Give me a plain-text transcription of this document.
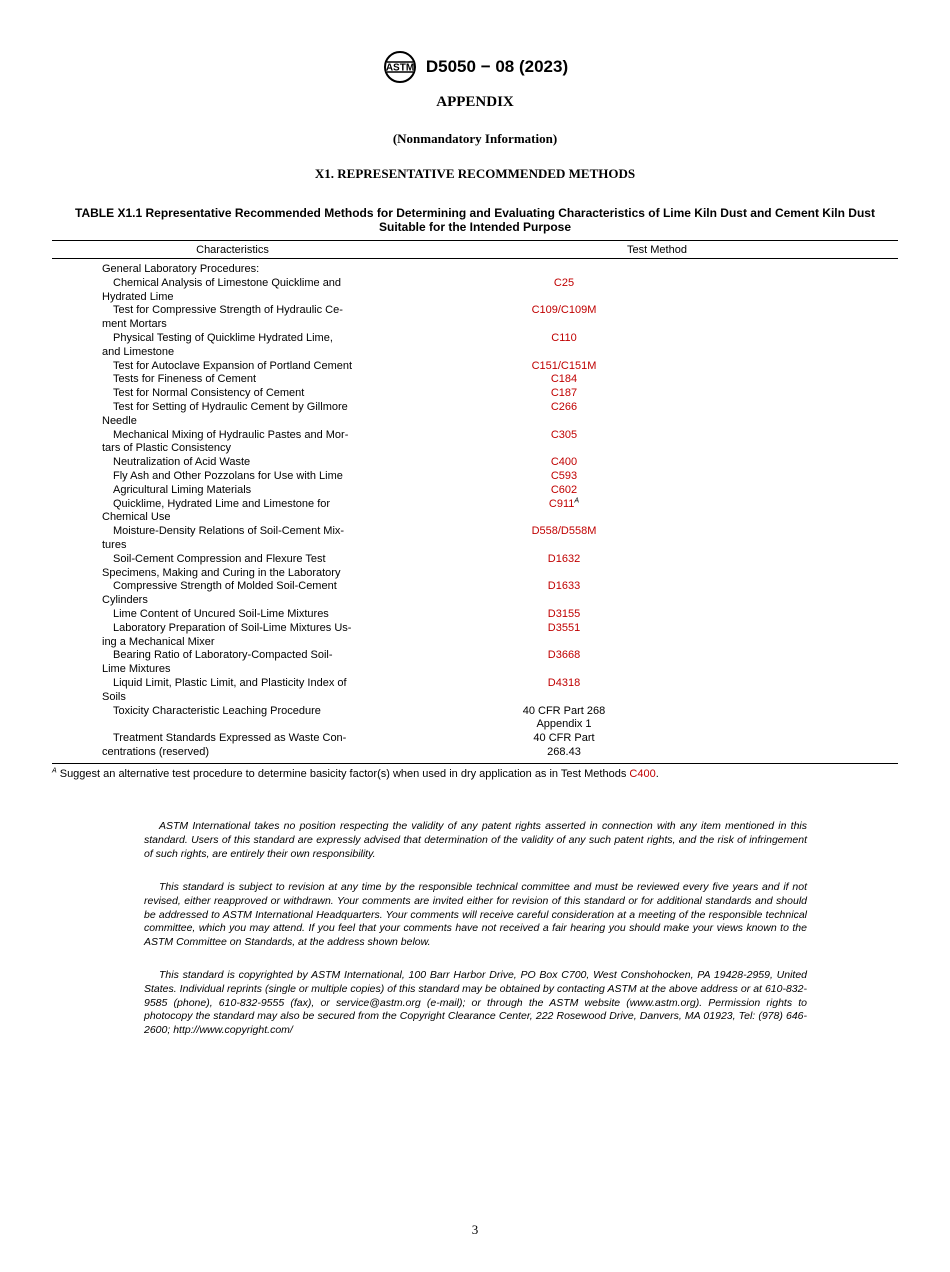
ASTM D5050 − 08 (2023)
APPENDIX
(Nonmandatory Information)
X1. REPRESENTATIVE RECOMMENDED METHODS
TABLE X1.1 Representative Recommended Methods for Determining and Evaluating Characteristics of Lime Kiln Dust and Cement Kiln Dust Suitable for the Intended Purpose
Characteristics	Test Method
General Laboratory Procedures:
Chemical Analysis of Limestone Quicklime and	C25
Hydrated Lime
Test for Compressive Strength of Hydraulic Ce-	C109/C109M
ment Mortars
Physical Testing of Quicklime Hydrated Lime,	C110
and Limestone
Test for Autoclave Expansion of Portland Cement	C151/C151M
Tests for Fineness of Cement	C184
Test for Normal Consistency of Cement	C187
Test for Setting of Hydraulic Cement by Gillmore	C266
Needle
Mechanical Mixing of Hydraulic Pastes and Mor-	C305
tars of Plastic Consistency
Neutralization of Acid Waste	C400
Fly Ash and Other Pozzolans for Use with Lime	C593
Agricultural Liming Materials	C602
Quicklime, Hydrated Lime and Limestone for	$C911^A$
Chemical Use
Moisture-Density Relations of Soil-Cement Mix-	D558/D558M
tures
Soil-Cement Compression and Flexure Test	D1632
Specimens, Making and Curing in the Laboratory
Compressive Strength of Molded Soil-Cement	D1633
Cylinders
Lime Content of Uncured Soil-Lime Mixtures	D3155
Laboratory Preparation of Soil-Lime Mixtures Us-	D3551
ing a Mechanical Mixer
Bearing Ratio of Laboratory-Compacted Soil-	D3668
Lime Mixtures
Liquid Limit, Plastic Limit, and Plasticity Index of	D4318
Soils
Toxicity Characteristic Leaching Procedure	40 CFR Part 268

Appendix 1
Treatment Standards Expressed as Waste Con-	40 CFR Part
centrations (reserved)	268.43
$^A$ Suggest an alternative test procedure to determine basicity factor(s) when used in dry application as in Test Methods C400.

ASTM International takes no position respecting the validity of any patent rights asserted in connection with any item mentioned in this standard. Users of this standard are expressly advised that determination of the validity of any such patent rights, and the risk of infringement of such rights, are entirely their own responsibility.

This standard is subject to revision at any time by the responsible technical committee and must be reviewed every five years and if not revised, either reapproved or withdrawn. Your comments are invited either for revision of this standard or for additional standards and should be addressed to ASTM International Headquarters. Your comments will receive careful consideration at a meeting of the responsible technical committee, which you may attend. If you feel that your comments have not received a fair hearing you should make your views known to the ASTM Committee on Standards, at the address shown below.

This standard is copyrighted by ASTM International, 100 Barr Harbor Drive, PO Box C700, West Conshohocken, PA 19428-2959, United States. Individual reprints (single or multiple copies) of this standard may be obtained by contacting ASTM at the above address or at 610-832-9585 (phone), 610-832-9555 (fax), or service@astm.org (e-mail); or through the ASTM website (www.astm.org). Permission rights to photocopy the standard may also be secured from the Copyright Clearance Center, 222 Rosewood Drive, Danvers, MA 01923, Tel: (978) 646-2600; http://www.copyright.com/

3
